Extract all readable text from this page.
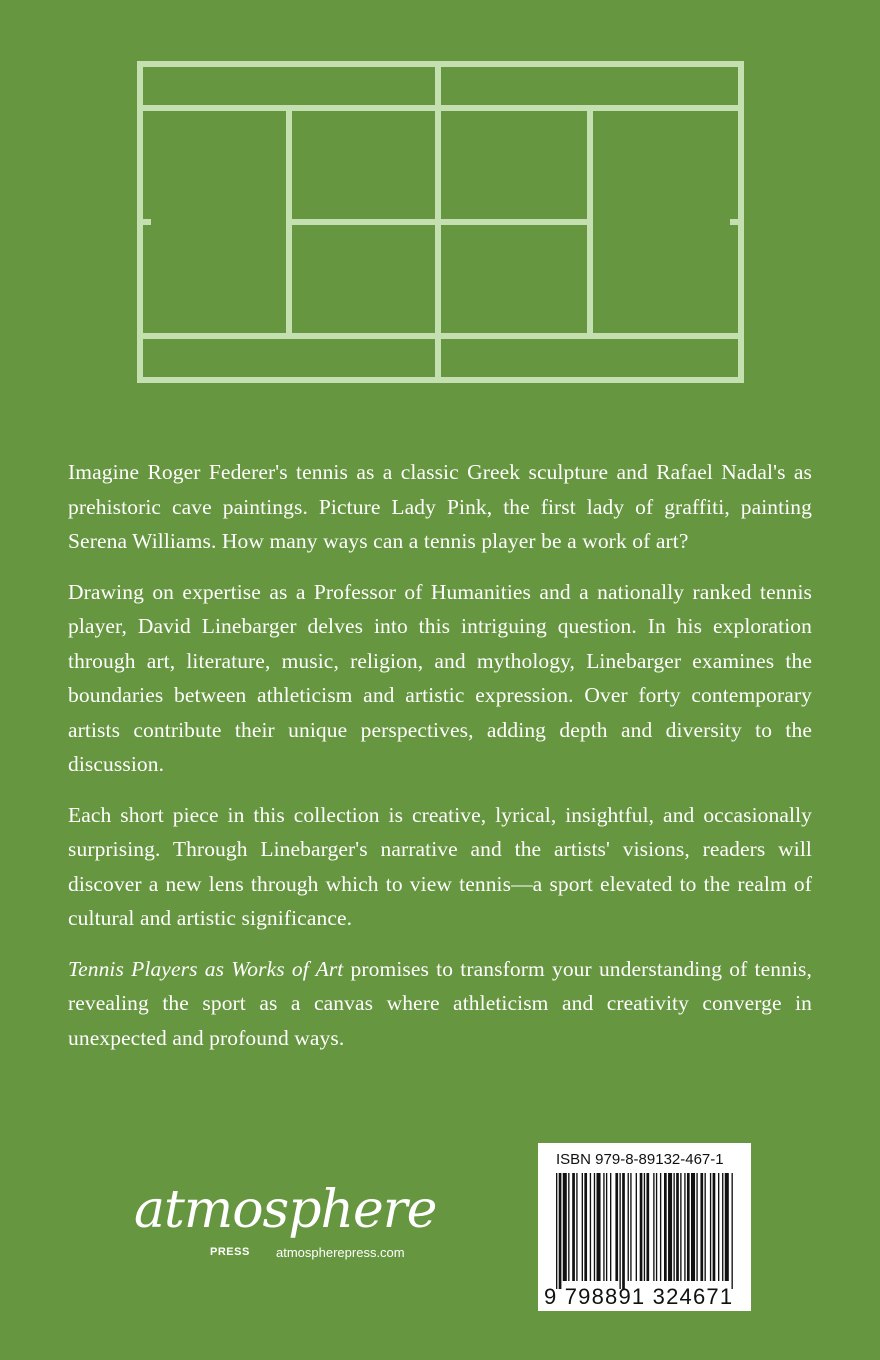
Imagine Roger Federer's tennis as a classic Greek sculpture and Rafael Nadal's as prehistoric cave paintings. Picture Lady Pink, the first lady of graffiti, painting Serena Williams. How many ways can a tennis player be a work of art?

Drawing on expertise as a Professor of Humanities and a nationally ranked tennis player, David Linebarger delves into this intriguing question. In his exploration through art, literature, music, religion, and mythology, Linebarger examines the boundaries between athleticism and artistic expression. Over forty contemporary artists contribute their unique perspectives, adding depth and diversity to the discussion.

Each short piece in this collection is creative, lyrical, insightful, and occasionally surprising. Through Linebarger's narrative and the artists' visions, readers will discover a new lens through which to view tennis—a sport elevated to the realm of cultural and artistic significance.

Tennis Players as Works of Art promises to transform your understanding of tennis, revealing the sport as a canvas where athleticism and creativity converge in unexpected and profound ways.

atmosphere
PRESS atmospherepress.com
ISBN 979-8-89132-467-1
9 798891 324671
